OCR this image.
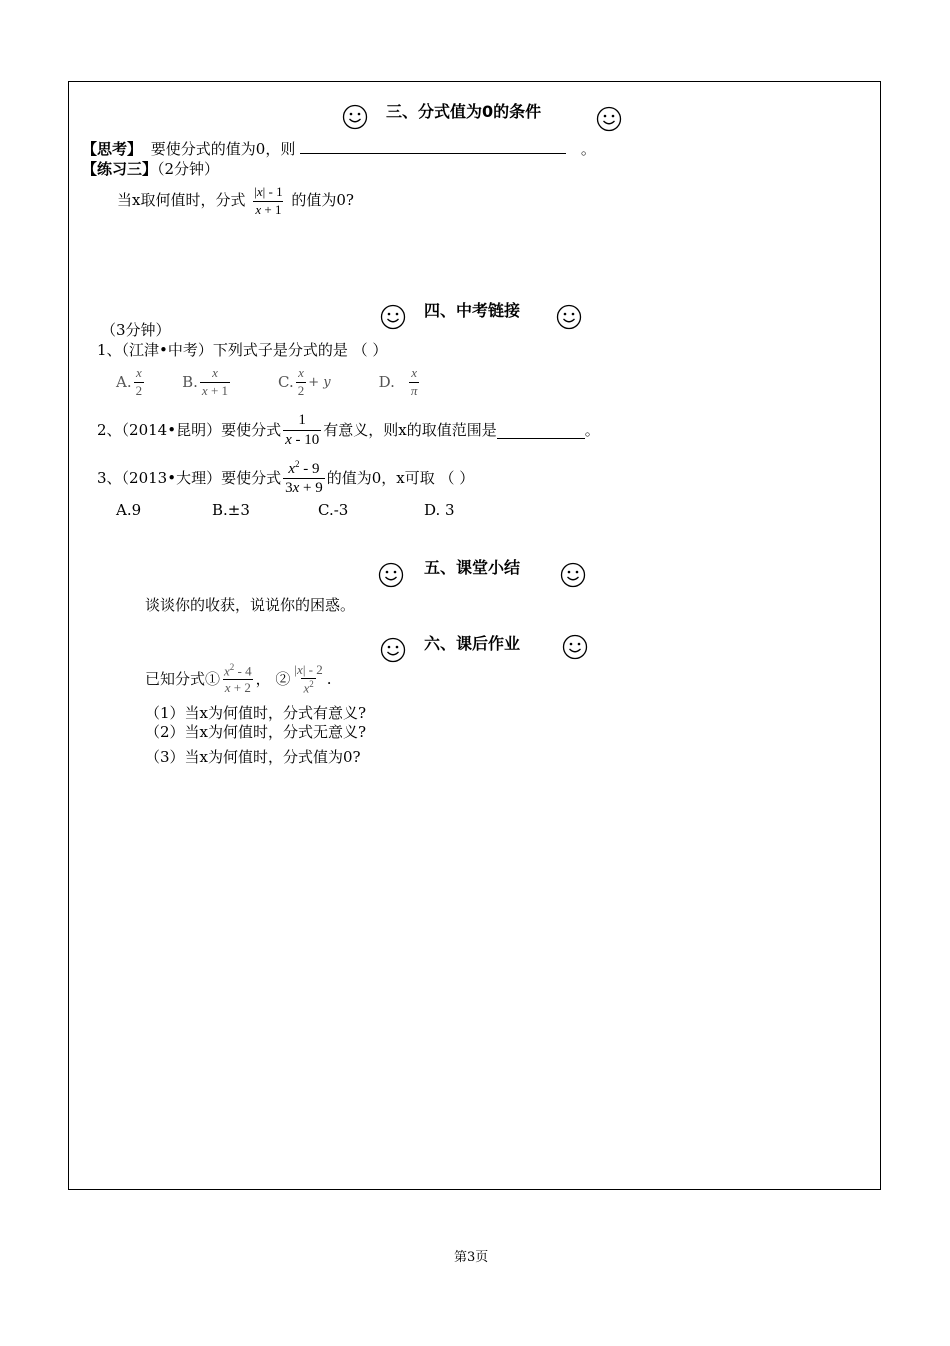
三、分式值为0的条件
【思考】 要使分式的值为0，则	。
【练习三】（2分钟）
当x取何值时，分式 $\frac{|x| - 1}{x + 1}$ 的值为0?
四、中考链接
（3分钟）
1、（江津•中考）下列式子是分式的是 （ ）
A. $\frac{x}{2}$	B. $\frac{x}{x + 1}$	C. $\frac{x}{2} + y$	D. $\frac{x}{\pi}$
2、（2014•昆明）要使分式 $\frac{1}{x - 10}$ 有意义，则x的取值范围是	。
3、（2013•大理）要使分式 $\frac{x^2 - 9}{3x + 9}$ 的值为0，x可取 （ ）
A.9	B.±3	C.-3	D. 3
五、课堂小结
谈谈你的收获，说说你的困惑。
六、课后作业
已知分式① $\frac{x^2 - 4}{x + 2}$ ， ② $\frac{|x| - 2}{x^2}$ .
（1）当x为何值时，分式有意义?
（2）当x为何值时，分式无意义?
（3）当x为何值时，分式值为0?
第3页
